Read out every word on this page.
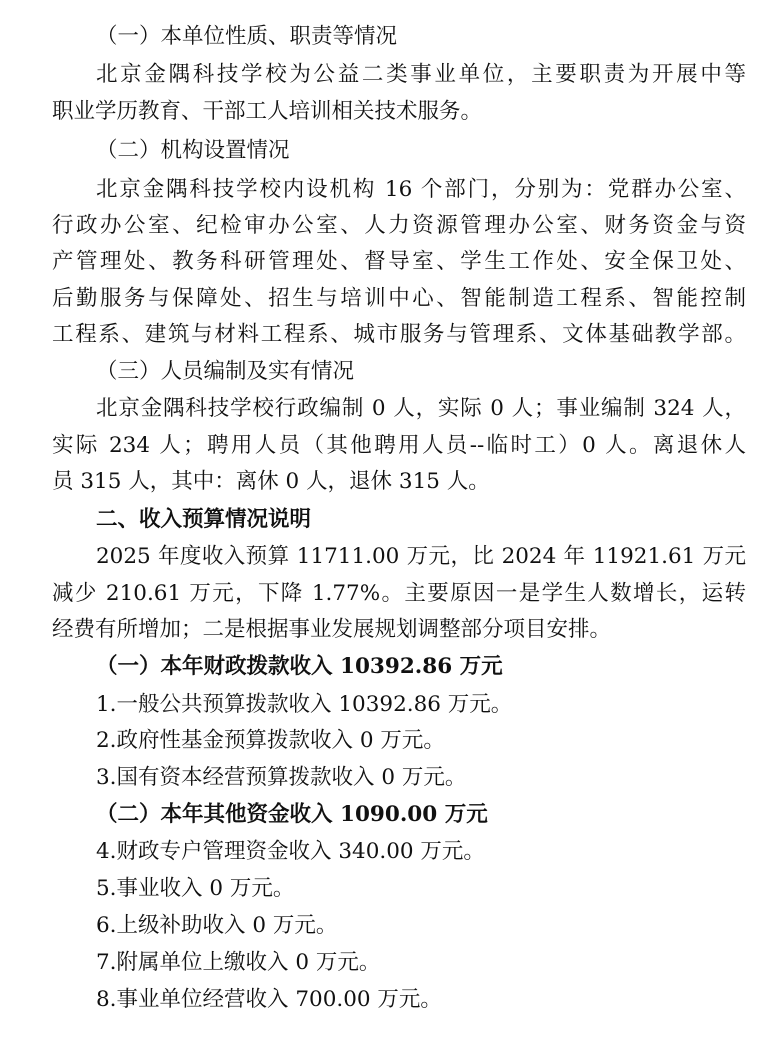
（一）本单位性质、职责等情况
北京金隅科技学校为公益二类事业单位，主要职责为开展中等
职业学历教育、干部工人培训相关技术服务。
（二）机构设置情况
北京金隅科技学校内设机构 16 个部门，分别为：党群办公室、
行政办公室、纪检审办公室、人力资源管理办公室、财务资金与资
产管理处、教务科研管理处、督导室、学生工作处、安全保卫处、
后勤服务与保障处、招生与培训中心、智能制造工程系、智能控制
工程系、建筑与材料工程系、城市服务与管理系、文体基础教学部。
（三）人员编制及实有情况
北京金隅科技学校行政编制 0 人，实际 0 人；事业编制 324 人，
实际 234 人；聘用人员（其他聘用人员--临时工）0 人。离退休人
员 315 人，其中：离休 0 人，退休 315 人。
二、收入预算情况说明
2025 年度收入预算 11711.00 万元，比 2024 年 11921.61 万元
减少 210.61 万元，下降 1.77%。主要原因一是学生人数增长，运转
经费有所增加；二是根据事业发展规划调整部分项目安排。
（一）本年财政拨款收入 10392.86 万元
1.一般公共预算拨款收入 10392.86 万元。
2.政府性基金预算拨款收入 0 万元。
3.国有资本经营预算拨款收入 0 万元。
（二）本年其他资金收入 1090.00 万元
4.财政专户管理资金收入 340.00 万元。
5.事业收入 0 万元。
6.上级补助收入 0 万元。
7.附属单位上缴收入 0 万元。
8.事业单位经营收入 700.00 万元。
